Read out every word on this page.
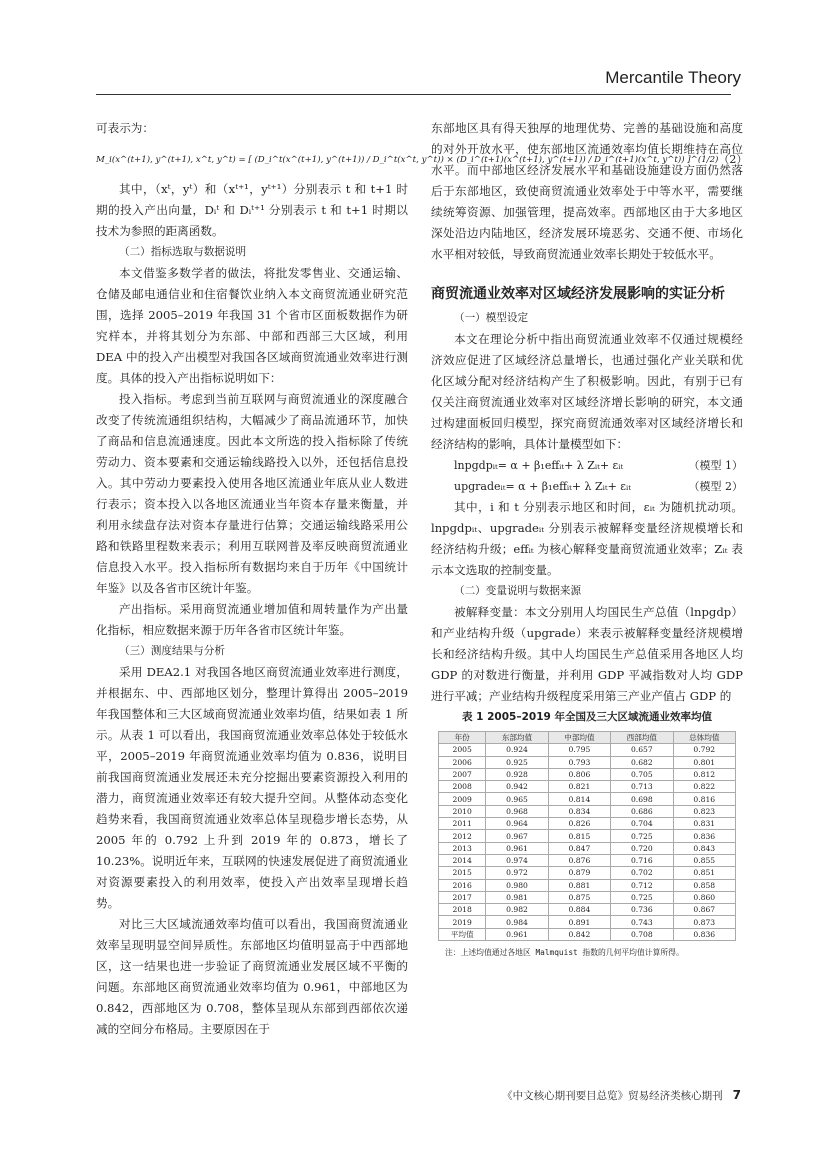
Mercantile Theory

可表示为：

M_i(x^(t+1), y^(t+1), x^t, y^t) = [ (D_i^t(x^(t+1), y^(t+1)) / D_i^t(x^t, y^t)) × (D_i^(t+1)(x^(t+1), y^(t+1)) / D_i^(t+1)(x^t, y^t)) ]^(1/2) （2）

其中，（xᵗ，yᵗ）和（xᵗ⁺¹，yᵗ⁺¹）分别表示 t 和 t+1 时期的投入产出向量，Dᵢᵗ 和 Dᵢᵗ⁺¹ 分别表示 t 和 t+1 时期以技术为参照的距离函数。

（二）指标选取与数据说明

本文借鉴多数学者的做法，将批发零售业、交通运输、仓储及邮电通信业和住宿餐饮业纳入本文商贸流通业研究范围，选择 2005–2019 年我国 31 个省市区面板数据作为研究样本，并将其划分为东部、中部和西部三大区域，利用 DEA 中的投入产出模型对我国各区域商贸流通业效率进行测度。具体的投入产出指标说明如下：

投入指标。考虑到当前互联网与商贸流通业的深度融合改变了传统流通组织结构，大幅减少了商品流通环节，加快了商品和信息流通速度。因此本文所选的投入指标除了传统劳动力、资本要素和交通运输线路投入以外，还包括信息投入。其中劳动力要素投入使用各地区流通业年底从业人数进行表示；资本投入以各地区流通业当年资本存量来衡量，并利用永续盘存法对资本存量进行估算；交通运输线路采用公路和铁路里程数来表示；利用互联网普及率反映商贸流通业信息投入水平。投入指标所有数据均来自于历年《中国统计年鉴》以及各省市区统计年鉴。

产出指标。采用商贸流通业增加值和周转量作为产出量化指标，相应数据来源于历年各省市区统计年鉴。

（三）测度结果与分析

采用 DEA2.1 对我国各地区商贸流通业效率进行测度，并根据东、中、西部地区划分，整理计算得出 2005–2019 年我国整体和三大区域商贸流通业效率均值，结果如表 1 所示。从表 1 可以看出，我国商贸流通业效率总体处于较低水平，2005–2019 年商贸流通业效率均值为 0.836，说明目前我国商贸流通业发展还未充分挖掘出要素资源投入利用的潜力，商贸流通业效率还有较大提升空间。从整体动态变化趋势来看，我国商贸流通业效率总体呈现稳步增长态势，从 2005 年的 0.792 上升到 2019 年的 0.873，增长了 10.23%。说明近年来，互联网的快速发展促进了商贸流通业对资源要素投入的利用效率，使投入产出效率呈现增长趋势。

对比三大区域流通效率均值可以看出，我国商贸流通业效率呈现明显空间异质性。东部地区均值明显高于中西部地区，这一结果也进一步验证了商贸流通业发展区域不平衡的问题。东部地区商贸流通业效率均值为 0.961，中部地区为 0.842，西部地区为 0.708，整体呈现从东部到西部依次递减的空间分布格局。主要原因在于

东部地区具有得天独厚的地理优势、完善的基础设施和高度的对外开放水平，使东部地区流通效率均值长期维持在高位水平。而中部地区经济发展水平和基础设施建设方面仍然落后于东部地区，致使商贸流通业效率处于中等水平，需要继续统筹资源、加强管理，提高效率。西部地区由于大多地区深处沿边内陆地区，经济发展环境恶劣、交通不便、市场化水平相对较低，导致商贸流通业效率长期处于较低水平。

商贸流通业效率对区域经济发展影响的实证分析

（一）模型设定

本文在理论分析中指出商贸流通业效率不仅通过规模经济效应促进了区域经济总量增长，也通过强化产业关联和优化区域分配对经济结构产生了积极影响。因此，有别于已有仅关注商贸流通业效率对区域经济增长影响的研究，本文通过构建面板回归模型，探究商贸流通效率对区域经济增长和经济结构的影响，具体计量模型如下：

lnpgdpᵢₜ= α + β₁effᵢₜ+ λ Zᵢₜ+ εᵢₜ	（模型 1）
upgradeᵢₜ= α + β₁effᵢₜ+ λ Zᵢₜ+ εᵢₜ	（模型 2）

其中，i 和 t 分别表示地区和时间，εᵢₜ 为随机扰动项。lnpgdpᵢₜ、upgradeᵢₜ 分别表示被解释变量经济规模增长和经济结构升级；effᵢₜ 为核心解释变量商贸流通业效率；Zᵢₜ 表示本文选取的控制变量。

（二）变量说明与数据来源

被解释变量：本文分别用人均国民生产总值（lnpgdp）和产业结构升级（upgrade）来表示被解释变量经济规模增长和经济结构升级。其中人均国民生产总值采用各地区人均 GDP 的对数进行衡量，并利用 GDP 平减指数对人均 GDP 进行平减；产业结构升级程度采用第三产业产值占 GDP 的

表 1 2005–2019 年全国及三大区域流通业效率均值
年份	东部均值	中部均值	西部均值	总体均值
2005	0.924	0.795	0.657	0.792
2006	0.925	0.793	0.682	0.801
2007	0.928	0.806	0.705	0.812
2008	0.942	0.821	0.713	0.822
2009	0.965	0.814	0.698	0.816
2010	0.968	0.834	0.686	0.823
2011	0.964	0.826	0.704	0.831
2012	0.967	0.815	0.725	0.836
2013	0.961	0.847	0.720	0.843
2014	0.974	0.876	0.716	0.855
2015	0.972	0.879	0.702	0.851
2016	0.980	0.881	0.712	0.858
2017	0.981	0.875	0.725	0.860
2018	0.982	0.884	0.736	0.867
2019	0.984	0.891	0.743	0.873
平均值	0.961	0.842	0.708	0.836
注：上述均值通过各地区 Malmquist 指数的几何平均值计算所得。
《中文核心期刊要目总览》贸易经济类核心期刊 7
